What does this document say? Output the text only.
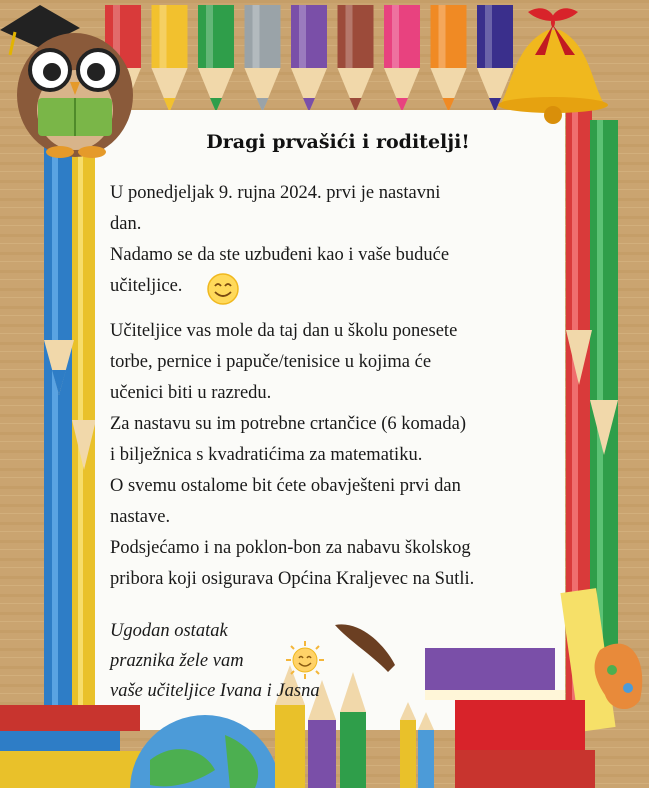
Dragi prvašići i roditelji!

U ponedjeljak 9. rujna 2024. prvi je nastavni
dan.
Nadamo se da ste uzbuđeni kao i vaše buduće
učiteljice.

Učiteljice vas mole da taj dan u školu ponesete
torbe, pernice i papuče/tenisice u kojima će
učenici biti u razredu.
Za nastavu su im potrebne crtančice (6 komada)
i bilježnica s kvadratićima za matematiku.
O svemu ostalome bit ćete obavješteni prvi dan
nastave.
Podsjećamo i na poklon-bon za nabavu školskog
pribora koji osigurava Općina Kraljevec na Sutli.

Ugodan ostatak
praznika žele vam
vaše učiteljice Ivana i Jasna
